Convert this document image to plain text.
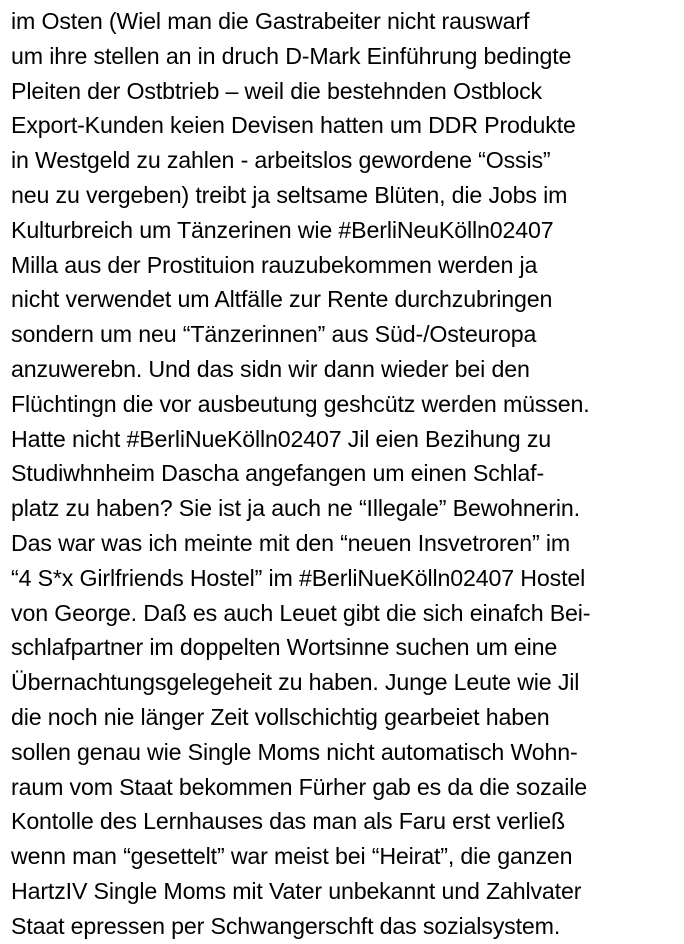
im Osten (Wiel man die Gastrabeiter nicht rauswarf
um ihre stellen an in druch D-Mark Einführung bedingte
Pleiten der Ostbtrieb – weil die bestehnden Ostblock
Export-Kunden keien Devisen hatten um DDR Produkte
in Westgeld zu zahlen - arbeitslos gewordene “Ossis”
neu zu vergeben) treibt ja seltsame Blüten, die Jobs im
Kulturbreich um Tänzerinen wie #BerliNeuKölln02407
Milla aus der Prostituion rauzubekommen werden ja
nicht verwendet um Altfälle zur Rente durchzubringen
sondern um neu “Tänzerinnen” aus Süd-/Osteuropa
anzuwerebn. Und das sidn wir dann wieder bei den
Flüchtingn die vor ausbeutung geshcütz werden müssen.
Hatte nicht #BerliNueKölln02407 Jil eien Bezihung zu
Studiwhnheim Dascha angefangen um einen Schlaf-
platz zu haben? Sie ist ja auch ne “Illegale” Bewohnerin.
Das war was ich meinte mit den “neuen Insvetroren” im
“4 S*x Girlfriends Hostel” im #BerliNueKölln02407 Hostel
von George. Daß es auch Leuet gibt die sich einafch Bei-
schlafpartner im doppelten Wortsinne suchen um eine
Übernachtungsgelegeheit zu haben. Junge Leute wie Jil
die noch nie länger Zeit vollschichtig gearbeiet haben
sollen genau wie Single Moms nicht automatisch Wohn-
raum vom Staat bekommen Fürher gab es da die sozaile
Kontolle des Lernhauses das man als Faru erst verließ
wenn man “gesettelt” war meist bei “Heirat”, die ganzen
HartzIV Single Moms mit Vater unbekannt und Zahlvater
Staat epressen per Schwangerschft das sozialsystem.
